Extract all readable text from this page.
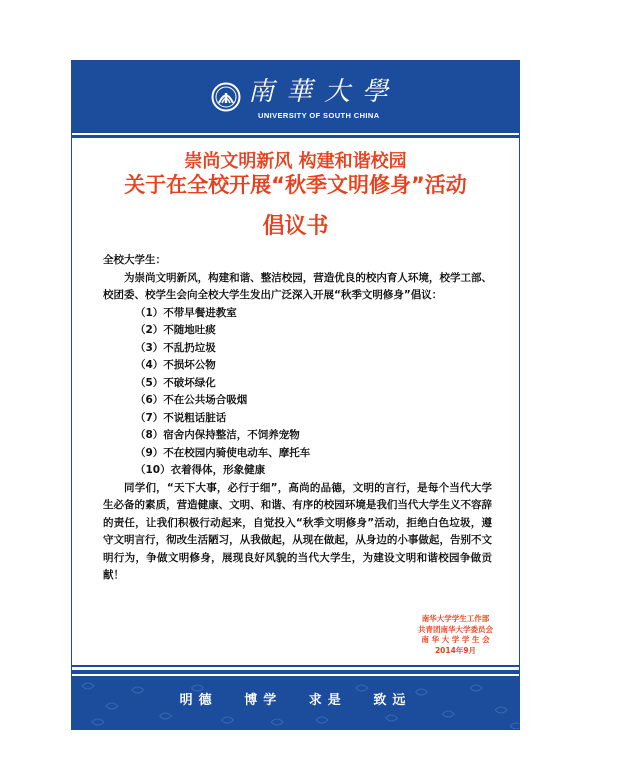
南華大學
UNIVERSITY OF SOUTH CHINA
崇尚文明新风 构建和谐校园
关于在全校开展“秋季文明修身”活动
倡议书

全校大学生：

为崇尚文明新风，构建和谐、整洁校园，营造优良的校内育人环境，校学工部、校团委、校学生会向全校大学生发出广泛深入开展“秋季文明修身”倡议：

（1）不带早餐进教室

（2）不随地吐痰

（3）不乱扔垃圾

（4）不损坏公物

（5）不破坏绿化

（6）不在公共场合吸烟

（7）不说粗话脏话

（8）宿舍内保持整洁，不饲养宠物

（9）不在校园内骑使电动车、摩托车

（10）衣着得体，形象健康

同学们，“天下大事，必行于细”，高尚的品德，文明的言行，是每个当代大学生必备的素质，营造健康、文明、和谐、有序的校园环境是我们当代大学生义不容辞的责任，让我们积极行动起来，自觉投入“秋季文明修身”活动，拒绝白色垃圾，遵守文明言行，彻改生活陋习，从我做起，从现在做起，从身边的小事做起，告别不文明行为，争做文明修身，展现良好风貌的当代大学生，为建设文明和谐校园争做贡献！

南华大学学生工作部
共青团南华大学委员会
南 华 大 学 学 生 会
2014年9月
明德 博学 求是 致远
